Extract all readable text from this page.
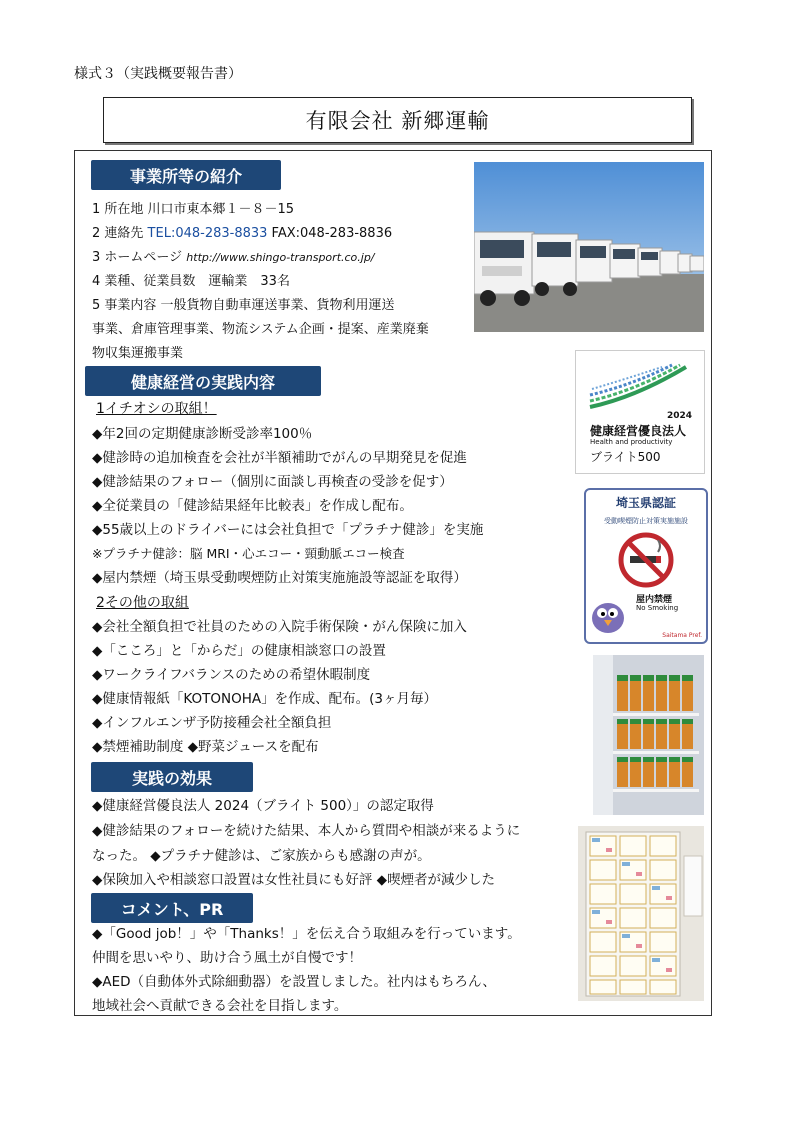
様式３（実践概要報告書）
有限会社 新郷運輸
事業所等の紹介
1 所在地 川口市東本郷１－８－15
2 連絡先 TEL:048-283-8833 FAX:048-283-8836
3 ホームページ http://www.shingo-transport.co.jp/
4 業種、従業員数　運輸業　33名
5 事業内容 一般貨物自動車運送事業、貨物利用運送
事業、倉庫管理事業、物流システム企画・提案、産業廃棄
物収集運搬事業
2024
健康経営優良法人
Health and productivity
ブライト500
健康経営の実践内容
1イチオシの取組！
◆年2回の定期健康診断受診率100％
◆健診時の追加検査を会社が半額補助でがんの早期発見を促進
◆健診結果のフォロー（個別に面談し再検査の受診を促す）
◆全従業員の「健診結果経年比較表」を作成し配布。
◆55歳以上のドライバーには会社負担で「プラチナ健診」を実施
※プラチナ健診：脳 MRI・心エコー・頸動脈エコー検査
◆屋内禁煙（埼玉県受動喫煙防止対策実施施設等認証を取得）
2その他の取組
◆会社全額負担で社員のための入院手術保険・がん保険に加入
◆「こころ」と「からだ」の健康相談窓口の設置
◆ワークライフバランスのための希望休暇制度
◆健康情報紙「KOTONOHA」を作成、配布。(3ヶ月毎）
◆インフルエンザ予防接種会社全額負担
◆禁煙補助制度 ◆野菜ジュースを配布
埼玉県認証
受動喫煙防止対策実施施設
屋内禁煙
No Smoking
Saitama Pref.
実践の効果
◆健康経営優良法人 2024（ブライト 500）」の認定取得
◆健診結果のフォローを続けた結果、本人から質問や相談が来るように
なった。 ◆プラチナ健診は、ご家族からも感謝の声が。
◆保険加入や相談窓口設置は女性社員にも好評 ◆喫煙者が減少した
コメント、PR
◆「Good job！」や「Thanks！」を伝え合う取組みを行っています。
仲間を思いやり、助け合う風土が自慢です！
◆AED（自動体外式除細動器）を設置しました。社内はもちろん、
地域社会へ貢献できる会社を目指します。
